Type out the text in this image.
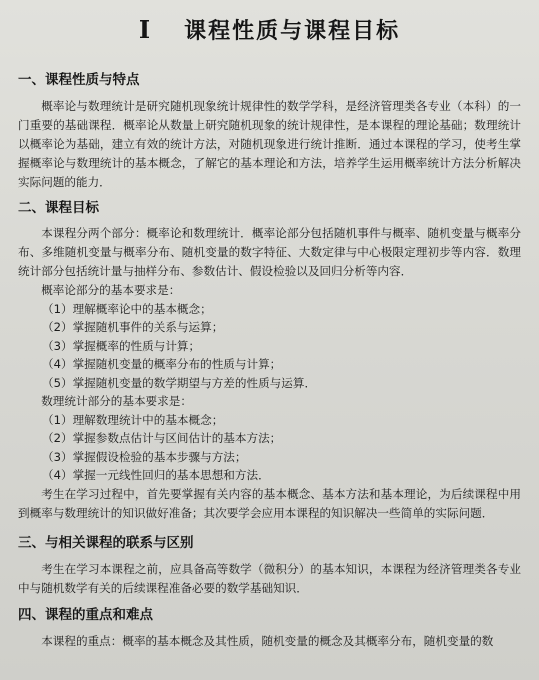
I 课程性质与课程目标
一、课程性质与特点

概率论与数理统计是研究随机现象统计规律性的数学学科，是经济管理类各专业（本科）的一门重要的基础课程．概率论从数量上研究随机现象的统计规律性，是本课程的理论基础；数理统计以概率论为基础，建立有效的统计方法，对随机现象进行统计推断．通过本课程的学习，使考生掌握概率论与数理统计的基本概念，了解它的基本理论和方法，培养学生运用概率统计方法分析解决实际问题的能力．

二、课程目标

本课程分两个部分：概率论和数理统计．概率论部分包括随机事件与概率、随机变量与概率分布、多维随机变量与概率分布、随机变量的数字特征、大数定律与中心极限定理初步等内容．数理统计部分包括统计量与抽样分布、参数估计、假设检验以及回归分析等内容．

概率论部分的基本要求是：
（1）理解概率论中的基本概念；
（2）掌握随机事件的关系与运算；
（3）掌握概率的性质与计算；
（4）掌握随机变量的概率分布的性质与计算；
（5）掌握随机变量的数学期望与方差的性质与运算．
数理统计部分的基本要求是：
（1）理解数理统计中的基本概念；
（2）掌握参数点估计与区间估计的基本方法；
（3）掌握假设检验的基本步骤与方法；
（4）掌握一元线性回归的基本思想和方法．

考生在学习过程中，首先要掌握有关内容的基本概念、基本方法和基本理论，为后续课程中用到概率与数理统计的知识做好准备；其次要学会应用本课程的知识解决一些简单的实际问题．

三、与相关课程的联系与区别

考生在学习本课程之前，应具备高等数学（微积分）的基本知识，本课程为经济管理类各专业中与随机数学有关的后续课程准备必要的数学基础知识．

四、课程的重点和难点

本课程的重点：概率的基本概念及其性质，随机变量的概念及其概率分布，随机变量的数
